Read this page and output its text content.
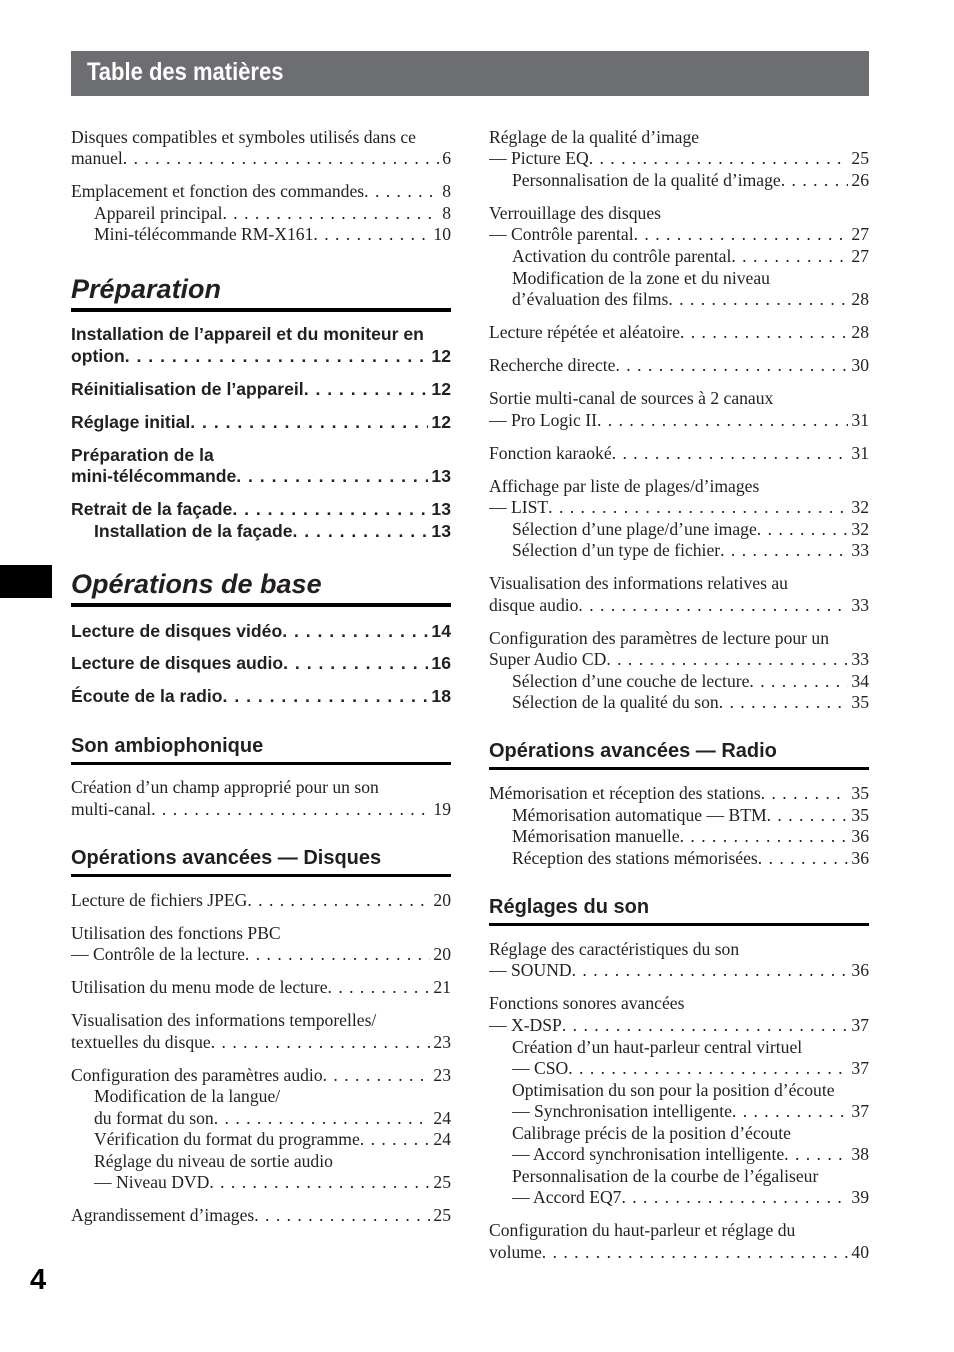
Table des matières
4
Disques compatibles et symboles utilisés dans ce
manuel . . .	6
Emplacement et fonction des commandes . . .	8
Appareil principal . . .	8
Mini-télécommande RM-X161 . . .	10
Préparation
Installation de l’appareil et du moniteur en
option . . .	12
Réinitialisation de l’appareil . . .	12
Réglage initial . . .	12
Préparation de la
mini-télécommande . . .	13
Retrait de la façade . . .	13
Installation de la façade . . .	13
Opérations de base
Lecture de disques vidéo . . .	14
Lecture de disques audio . . .	16
Écoute de la radio . . .	18
Son ambiophonique
Création d’un champ approprié pour un son
multi-canal . . .	19
Opérations avancées — Disques
Lecture de fichiers JPEG . . .	20
Utilisation des fonctions PBC
— Contrôle de la lecture . . .	20
Utilisation du menu mode de lecture . . .	21
Visualisation des informations temporelles/
textuelles du disque . . .	23
Configuration des paramètres audio . . .	23
Modification de la langue/
du format du son . . .	24
Vérification du format du programme . . .	24
Réglage du niveau de sortie audio
— Niveau DVD . . .	25
Agrandissement d’images . . .	25
Réglage de la qualité d’image
— Picture EQ . . .	25
Personnalisation de la qualité d’image . . .	26
Verrouillage des disques
— Contrôle parental . . .	27
Activation du contrôle parental . . .	27
Modification de la zone et du niveau
d’évaluation des films . . .	28
Lecture répétée et aléatoire . . .	28
Recherche directe . . .	30
Sortie multi-canal de sources à 2 canaux
— Pro Logic II . . .	31
Fonction karaoké . . .	31
Affichage par liste de plages/d’images
— LIST . . .	32
Sélection d’une plage/d’une image . . .	32
Sélection d’un type de fichier . . .	33
Visualisation des informations relatives au
disque audio . . .	33
Configuration des paramètres de lecture pour un
Super Audio CD . . .	33
Sélection d’une couche de lecture . . .	34
Sélection de la qualité du son . . .	35
Opérations avancées — Radio
Mémorisation et réception des stations . . .	35
Mémorisation automatique — BTM . . .	35
Mémorisation manuelle . . .	36
Réception des stations mémorisées . . .	36
Réglages du son
Réglage des caractéristiques du son
— SOUND . . .	36
Fonctions sonores avancées
— X-DSP . . .	37
Création d’un haut-parleur central virtuel
— CSO . . .	37
Optimisation du son pour la position d’écoute
— Synchronisation intelligente . . .	37
Calibrage précis de la position d’écoute
— Accord synchronisation intelligente . . .	38
Personnalisation de la courbe de l’égaliseur
— Accord EQ7 . . .	39
Configuration du haut-parleur et réglage du
volume . . .	40
